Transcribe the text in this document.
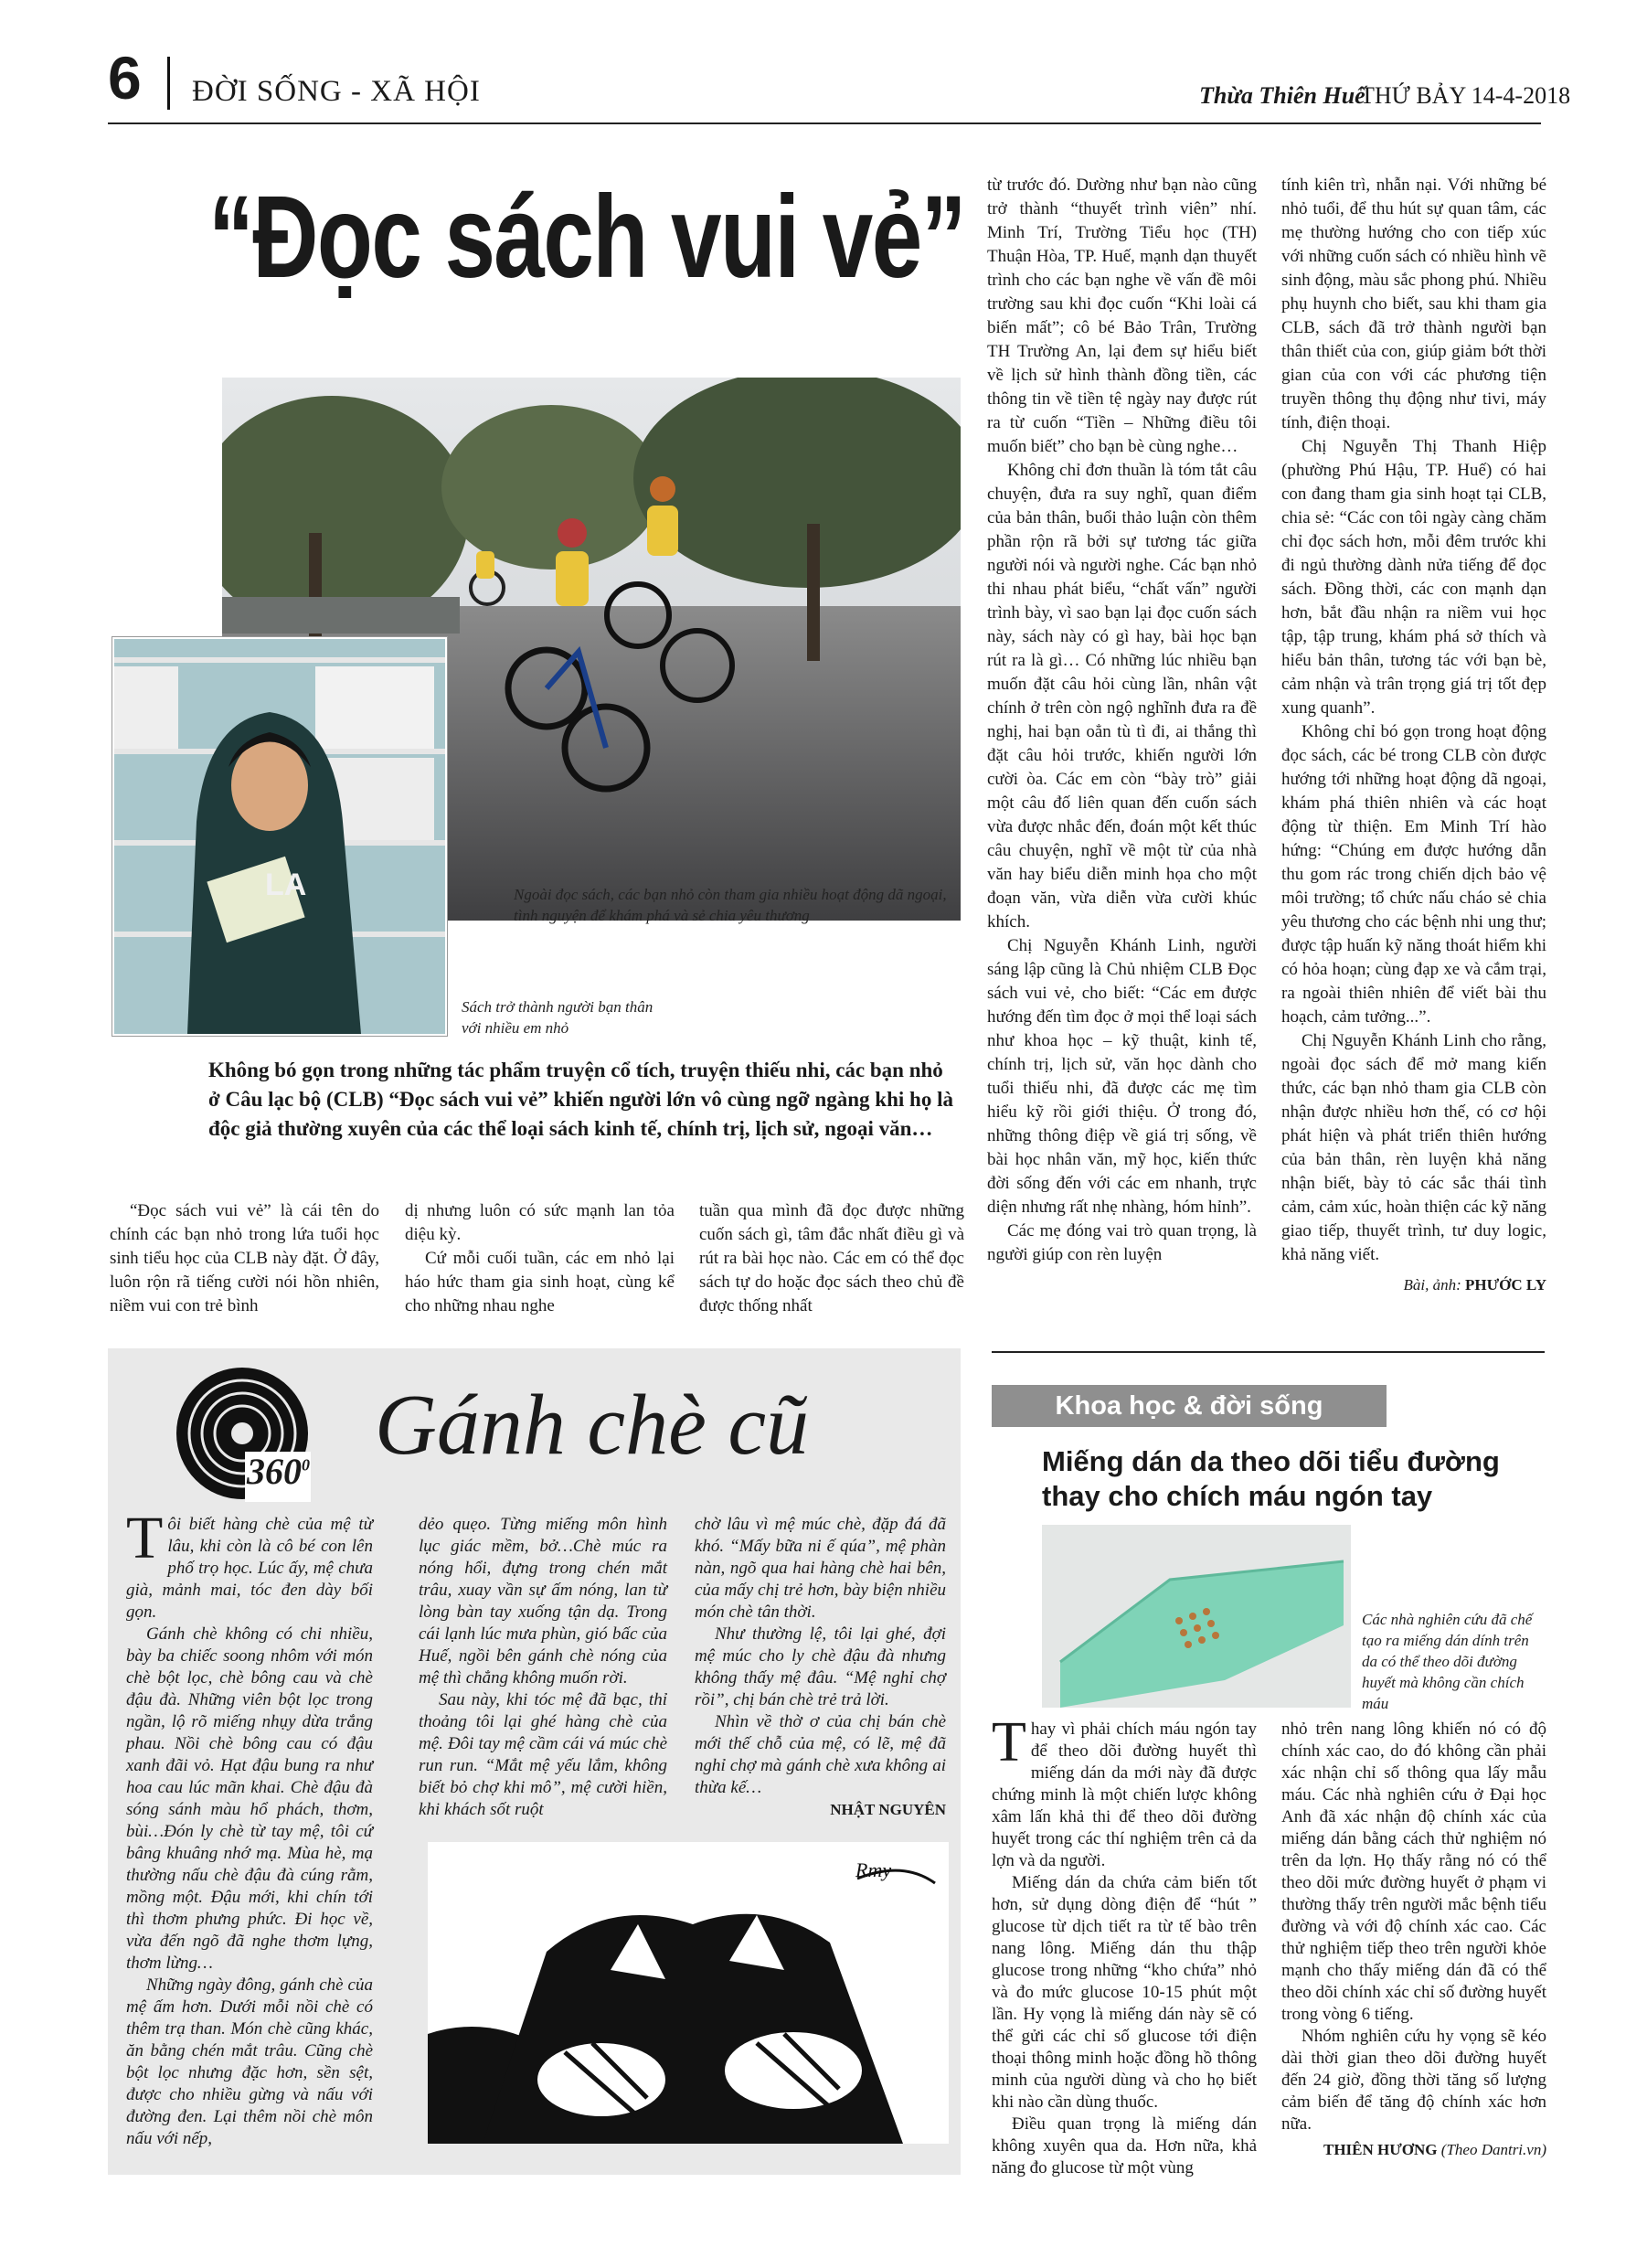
6 ĐỜI SỐNG - XÃ HỘI	Thừa Thiên Huế
THỨ BẢY 14-4-2018
“Đọc sách vui vẻ”
LA	Ngoài đọc sách, các bạn nhỏ còn tham gia nhiều hoạt động dã ngoại, tình nguyện để khám phá và sẻ chia yêu thương
Sách trở thành người bạn thân với nhiều em nhỏ
Không bó gọn trong những tác phẩm truyện cổ tích, truyện thiếu nhi, các bạn nhỏ ở Câu lạc bộ (CLB) “Đọc sách vui vẻ” khiến người lớn vô cùng ngỡ ngàng khi họ là độc giả thường xuyên của các thể loại sách kinh tế, chính trị, lịch sử, ngoại văn…

“Đọc sách vui vẻ” là cái tên do chính các bạn nhỏ trong lứa tuổi học sinh tiểu học của CLB này đặt. Ở đây, luôn rộn rã tiếng cười nói hồn nhiên, niềm vui con trẻ bình

dị nhưng luôn có sức mạnh lan tỏa diệu kỳ.

Cứ mỗi cuối tuần, các em nhỏ lại háo hức tham gia sinh hoạt, cùng kể cho những nhau nghe

tuần qua mình đã đọc được những cuốn sách gì, tâm đắc nhất điều gì và rút ra bài học nào. Các em có thể đọc sách tự do hoặc đọc sách theo chủ đề được thống nhất

từ trước đó. Dường như bạn nào cũng trở thành “thuyết trình viên” nhí. Minh Trí, Trường Tiểu học (TH) Thuận Hòa, TP. Huế, mạnh dạn thuyết trình cho các bạn nghe về vấn đề môi trường sau khi đọc cuốn “Khi loài cá biến mất”; cô bé Bảo Trân, Trường TH Trường An, lại đem sự hiểu biết về lịch sử hình thành đồng tiền, các thông tin về tiền tệ ngày nay được rút ra từ cuốn “Tiền – Những điều tôi muốn biết” cho bạn bè cùng nghe…

Không chỉ đơn thuần là tóm tắt câu chuyện, đưa ra suy nghĩ, quan điểm của bản thân, buổi thảo luận còn thêm phần rộn rã bởi sự tương tác giữa người nói và người nghe. Các bạn nhỏ thi nhau phát biểu, “chất vấn” người trình bày, vì sao bạn lại đọc cuốn sách này, sách này có gì hay, bài học bạn rút ra là gì… Có những lúc nhiều bạn muốn đặt câu hỏi cùng lần, nhân vật chính ở trên còn ngộ nghĩnh đưa ra đề nghị, hai bạn oẳn tù tì đi, ai thắng thì đặt câu hỏi trước, khiến người lớn cười òa. Các em còn “bày trò” giải một câu đố liên quan đến cuốn sách vừa được nhắc đến, đoán một kết thúc câu chuyện, nghĩ về một từ của nhà văn hay biểu diễn minh họa cho một đoạn văn, vừa diễn vừa cười khúc khích.

Chị Nguyễn Khánh Linh, người sáng lập cũng là Chủ nhiệm CLB Đọc sách vui vẻ, cho biết: “Các em được hướng đến tìm đọc ở mọi thể loại sách như khoa học – kỹ thuật, kinh tế, chính trị, lịch sử, văn học dành cho tuổi thiếu nhi, đã được các mẹ tìm hiểu kỹ rồi giới thiệu. Ở trong đó, những thông điệp về giá trị sống, về bài học nhân văn, mỹ học, kiến thức đời sống đến với các em nhanh, trực diện nhưng rất nhẹ nhàng, hóm hỉnh”.

Các mẹ đóng vai trò quan trọng, là người giúp con rèn luyện

tính kiên trì, nhẫn nại. Với những bé nhỏ tuổi, để thu hút sự quan tâm, các mẹ thường hướng cho con tiếp xúc với những cuốn sách có nhiều hình vẽ sinh động, màu sắc phong phú. Nhiều phụ huynh cho biết, sau khi tham gia CLB, sách đã trở thành người bạn thân thiết của con, giúp giảm bớt thời gian của con với các phương tiện truyền thông thụ động như tivi, máy tính, điện thoại.

Chị Nguyễn Thị Thanh Hiệp (phường Phú Hậu, TP. Huế) có hai con đang tham gia sinh hoạt tại CLB, chia sẻ: “Các con tôi ngày càng chăm chỉ đọc sách hơn, mỗi đêm trước khi đi ngủ thường dành nửa tiếng để đọc sách. Đồng thời, các con mạnh dạn hơn, bắt đầu nhận ra niềm vui học tập, tập trung, khám phá sở thích và hiểu bản thân, tương tác với bạn bè, cảm nhận và trân trọng giá trị tốt đẹp xung quanh”.

Không chỉ bó gọn trong hoạt động đọc sách, các bé trong CLB còn được hướng tới những hoạt động dã ngoại, khám phá thiên nhiên và các hoạt động từ thiện. Em Minh Trí hào hứng: “Chúng em được hướng dẫn thu gom rác trong chiến dịch bảo vệ môi trường; tổ chức nấu cháo sẻ chia yêu thương cho các bệnh nhi ung thư; được tập huấn kỹ năng thoát hiểm khi có hỏa hoạn; cùng đạp xe và cắm trại, ra ngoài thiên nhiên để viết bài thu hoạch, cảm tưởng...”.

Chị Nguyễn Khánh Linh cho rằng, ngoài đọc sách để mở mang kiến thức, các bạn nhỏ tham gia CLB còn nhận được nhiều hơn thế, có cơ hội phát hiện và phát triển thiên hướng của bản thân, rèn luyện khả năng nhận biết, bày tỏ các sắc thái tình cảm, cảm xúc, hoàn thiện các kỹ năng giao tiếp, thuyết trình, tư duy logic, khả năng viết.

Bài, ảnh: PHƯỚC LY
$360^0$ Gánh chè cũ
T ôi biết hàng chè của mệ từ lâu, khi còn là cô bé con lên phố trọ học. Lúc ấy, mệ chưa già, mảnh mai, tóc đen dày bối gọn.

Gánh chè không có chi nhiều, bày ba chiếc soong nhôm với món chè bột lọc, chè bông cau và chè đậu đà. Những viên bột lọc trong ngần, lộ rõ miếng nhụy dừa trắng phau. Nồi chè bông cau có đậu xanh đãi vỏ. Hạt đậu bung ra như hoa cau lúc mãn khai. Chè đậu đà sóng sánh màu hổ phách, thơm, bùi…Đón ly chè từ tay mệ, tôi cứ bâng khuâng nhớ mạ. Mùa hè, mạ thường nấu chè đậu đà cúng rằm, mồng một. Đậu mới, khi chín tới thì thơm phưng phức. Đi học về, vừa đến ngõ đã nghe thơm lựng, thơm lừng…

Những ngày đông, gánh chè của mệ ấm hơn. Dưới mỗi nồi chè có thêm trạ than. Món chè cũng khác, ăn bằng chén mắt trâu. Cũng chè bột lọc nhưng đặc hơn, sền sệt, được cho nhiều gừng và nấu với đường đen. Lại thêm nồi chè môn nấu với nếp,

dẻo quẹo. Từng miếng môn hình lục giác mềm, bở…Chè múc ra nóng hổi, đựng trong chén mắt trâu, xuay vần sự ấm nóng, lan từ lòng bàn tay xuống tận dạ. Trong cái lạnh lúc mưa phùn, gió bấc của Huế, ngồi bên gánh chè nóng của mệ thì chẳng không muốn rời.

Sau này, khi tóc mệ đã bạc, thỉ thoảng tôi lại ghé hàng chè của mệ. Đôi tay mệ cầm cái vá múc chè run run. “Mắt mệ yếu lắm, không biết bỏ chợ khi mô”, mệ cười hiền, khi khách sốt ruột

chờ lâu vì mệ múc chè, đặp đá đã khó. “Mấy bữa ni ế qúa”, mệ phàn nàn, ngõ qua hai hàng chè hai bên, của mấy chị trẻ hơn, bày biện nhiều món chè tân thời.

Như thường lệ, tôi lại ghé, đợi mệ múc cho ly chè đậu đà nhưng không thấy mệ đâu. “Mệ nghỉ chợ rồi”, chị bán chè trẻ trả lời.

Nhìn về thờ ơ của chị bán chè mới thế chỗ của mệ, có lẽ, mệ đã nghỉ chợ mà gánh chè xưa không ai thừa kế…

NHẬT NGUYÊN
Rmy
Khoa học & đời sống
Miếng dán da theo dõi tiểu đường thay cho chích máu ngón tay
Các nhà nghiên cứu đã chế tạo ra miếng dán dính trên da có thể theo dõi đường huyết mà không cần chích máu
T hay vì phải chích máu ngón tay để theo dõi đường huyết thì miếng dán da mới này đã được chứng minh là một chiến lược không xâm lấn khả thi để theo dõi đường huyết trong các thí nghiệm trên cả da lợn và da người.

Miếng dán da chứa cảm biến tốt hơn, sử dụng dòng điện để “hút ” glucose từ dịch tiết ra từ tế bào trên nang lông. Miếng dán thu thập glucose trong những “kho chứa” nhỏ và đo mức glucose 10-15 phút một lần. Hy vọng là miếng dán này sẽ có thể gửi các chỉ số glucose tới điện thoại thông minh hoặc đồng hồ thông minh của người dùng và cho họ biết khi nào cần dùng thuốc.

Điều quan trọng là miếng dán không xuyên qua da. Hơn nữa, khả năng đo glucose từ một vùng

nhỏ trên nang lông khiến nó có độ chính xác cao, do đó không cần phải xác nhận chỉ số thông qua lấy mẫu máu. Các nhà nghiên cứu ở Đại học Anh đã xác nhận độ chính xác của miếng dán bằng cách thử nghiệm nó trên da lợn. Họ thấy rằng nó có thể theo dõi mức đường huyết ở phạm vi thường thấy trên người mắc bệnh tiểu đường và với độ chính xác cao. Các thử nghiệm tiếp theo trên người khỏe mạnh cho thấy miếng dán đã có thể theo dõi chính xác chỉ số đường huyết trong vòng 6 tiếng.

Nhóm nghiên cứu hy vọng sẽ kéo dài thời gian theo dõi đường huyết đến 24 giờ, đồng thời tăng số lượng cảm biến để tăng độ chính xác hơn nữa.

THIÊN HƯƠNG (Theo Dantri.vn)
